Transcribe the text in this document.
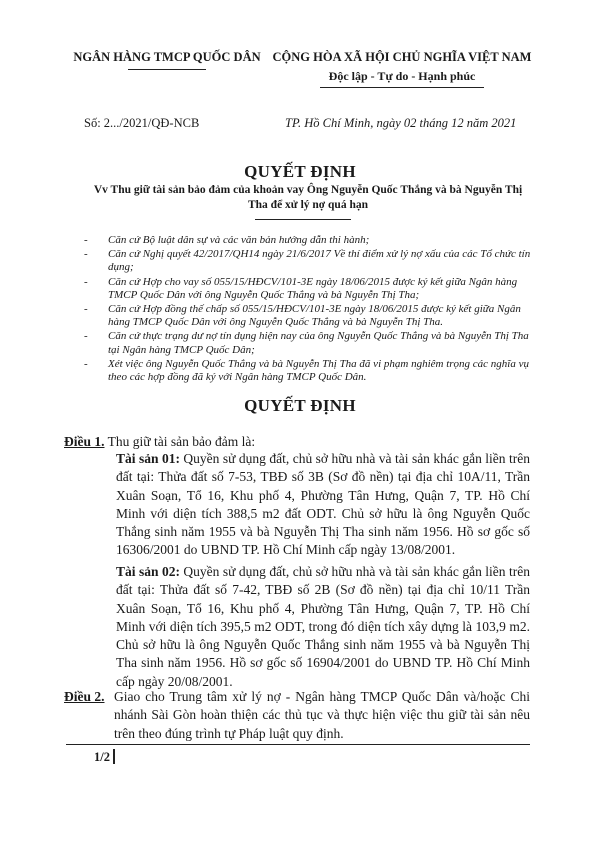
NGÂN HÀNG TMCP QUỐC DÂN CỘNG HÒA XÃ HỘI CHỦ NGHĨA VIỆT NAM
Độc lập - Tự do - Hạnh phúc
Số: 2.../2021/QĐ-NCB	TP. Hồ Chí Minh, ngày 02 tháng 12 năm 2021
QUYẾT ĐỊNH
Vv Thu giữ tài sản bảo đảm của khoản vay Ông Nguyễn Quốc Thắng và bà Nguyễn Thị Tha để xử lý nợ quá hạn
- Căn cứ Bộ luật dân sự và các văn bản hướng dẫn thi hành;
- Căn cứ Nghị quyết 42/2017/QH14 ngày 21/6/2017 Về thí điểm xử lý nợ xấu của các Tổ chức tín dụng;
- Căn cứ Hợp cho vay số 055/15/HĐCV/101-3E ngày 18/06/2015 được ký kết giữa Ngân hàng TMCP Quốc Dân với ông Nguyễn Quốc Thắng và bà Nguyễn Thị Tha;
- Căn cứ Hợp đồng thế chấp số 055/15/HĐCV/101-3E ngày 18/06/2015 được ký kết giữa Ngân hàng TMCP Quốc Dân với ông Nguyễn Quốc Thắng và bà Nguyễn Thị Tha.
- Căn cứ thực trạng dư nợ tín dụng hiện nay của ông Nguyễn Quốc Thắng và bà Nguyễn Thị Tha tại Ngân hàng TMCP Quốc Dân;
- Xét việc ông Nguyễn Quốc Thắng và bà Nguyễn Thị Tha đã vi phạm nghiêm trọng các nghĩa vụ theo các hợp đồng đã ký với Ngân hàng TMCP Quốc Dân.
QUYẾT ĐỊNH
Điều 1. Thu giữ tài sản bảo đảm là:
Tài sản 01: Quyền sử dụng đất, chủ sở hữu nhà và tài sản khác gắn liền trên đất tại: Thửa đất số 7-53, TBĐ số 3B (Sơ đồ nền) tại địa chỉ 10A/11, Trần Xuân Soạn, Tổ 16, Khu phố 4, Phường Tân Hưng, Quận 7, TP. Hồ Chí Minh với diện tích 388,5 m2 đất ODT. Chủ sở hữu là ông Nguyễn Quốc Thắng sinh năm 1955 và bà Nguyễn Thị Tha sinh năm 1956. Hồ sơ gốc số 16306/2001 do UBND TP. Hồ Chí Minh cấp ngày 13/08/2001.
Tài sản 02: Quyền sử dụng đất, chủ sở hữu nhà và tài sản khác gắn liền trên đất tại: Thửa đất số 7-42, TBĐ số 2B (Sơ đồ nền) tại địa chỉ 10/11 Trần Xuân Soạn, Tổ 16, Khu phố 4, Phường Tân Hưng, Quận 7, TP. Hồ Chí Minh với diện tích 395,5 m2 ODT, trong đó diện tích xây dựng là 103,9 m2. Chủ sở hữu là ông Nguyễn Quốc Thắng sinh năm 1955 và bà Nguyễn Thị Tha sinh năm 1956. Hồ sơ gốc số 16904/2001 do UBND TP. Hồ Chí Minh cấp ngày 20/08/2001.
Điều 2. Giao cho Trung tâm xử lý nợ - Ngân hàng TMCP Quốc Dân và/hoặc Chi nhánh Sài Gòn hoàn thiện các thủ tục và thực hiện việc thu giữ tài sản nêu trên theo đúng trình tự Pháp luật quy định.
1/2
